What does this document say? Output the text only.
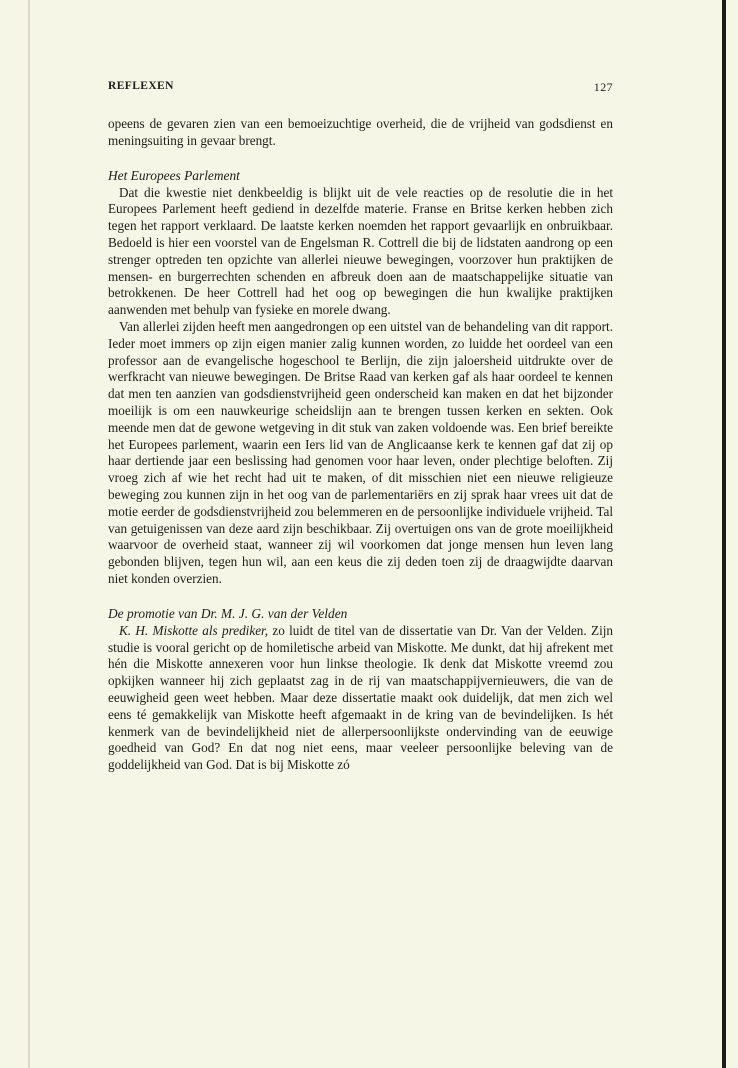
REFLEXEN	127

opeens de gevaren zien van een bemoeizuchtige overheid, die de vrijheid van godsdienst en meningsuiting in gevaar brengt.

Het Europees Parlement

Dat die kwestie niet denkbeeldig is blijkt uit de vele reacties op de resolutie die in het Europees Parlement heeft gediend in dezelfde materie. Franse en Britse kerken hebben zich tegen het rapport verklaard. De laatste kerken noemden het rapport gevaarlijk en onbruikbaar. Bedoeld is hier een voorstel van de Engelsman R. Cottrell die bij de lidstaten aandrong op een strenger optreden ten opzichte van allerlei nieuwe bewegingen, voorzover hun praktijken de mensen- en burgerrechten schenden en afbreuk doen aan de maatschappelijke situatie van betrokkenen. De heer Cottrell had het oog op bewegingen die hun kwalijke praktijken aanwenden met behulp van fysieke en morele dwang.

Van allerlei zijden heeft men aangedrongen op een uitstel van de behandeling van dit rapport. Ieder moet immers op zijn eigen manier zalig kunnen worden, zo luidde het oordeel van een professor aan de evangelische hogeschool te Berlijn, die zijn jaloersheid uitdrukte over de werfkracht van nieuwe bewegingen. De Britse Raad van kerken gaf als haar oordeel te kennen dat men ten aanzien van godsdienstvrijheid geen onderscheid kan maken en dat het bijzonder moeilijk is om een nauwkeurige scheidslijn aan te brengen tussen kerken en sekten. Ook meende men dat de gewone wetgeving in dit stuk van zaken voldoende was. Een brief bereikte het Europees parlement, waarin een Iers lid van de Anglicaanse kerk te kennen gaf dat zij op haar dertiende jaar een beslissing had genomen voor haar leven, onder plechtige beloften. Zij vroeg zich af wie het recht had uit te maken, of dit misschien niet een nieuwe religieuze beweging zou kunnen zijn in het oog van de parlementariërs en zij sprak haar vrees uit dat de motie eerder de godsdienstvrijheid zou belemmeren en de persoonlijke individuele vrijheid. Tal van getuigenissen van deze aard zijn beschikbaar. Zij overtuigen ons van de grote moeilijkheid waarvoor de overheid staat, wanneer zij wil voorkomen dat jonge mensen hun leven lang gebonden blijven, tegen hun wil, aan een keus die zij deden toen zij de draagwijdte daarvan niet konden overzien.

De promotie van Dr. M. J. G. van der Velden

K. H. Miskotte als prediker, zo luidt de titel van de dissertatie van Dr. Van der Velden. Zijn studie is vooral gericht op de homiletische arbeid van Miskotte. Me dunkt, dat hij afrekent met hén die Miskotte annexeren voor hun linkse theologie. Ik denk dat Miskotte vreemd zou opkijken wanneer hij zich geplaatst zag in de rij van maatschappijvernieuwers, die van de eeuwigheid geen weet hebben. Maar deze dissertatie maakt ook duidelijk, dat men zich wel eens té gemakkelijk van Miskotte heeft afgemaakt in de kring van de bevindelijken. Is hét kenmerk van de bevindelijkheid niet de allerpersoonlijkste ondervinding van de eeuwige goedheid van God? En dat nog niet eens, maar veeleer persoonlijke beleving van de goddelijkheid van God. Dat is bij Miskotte zó
